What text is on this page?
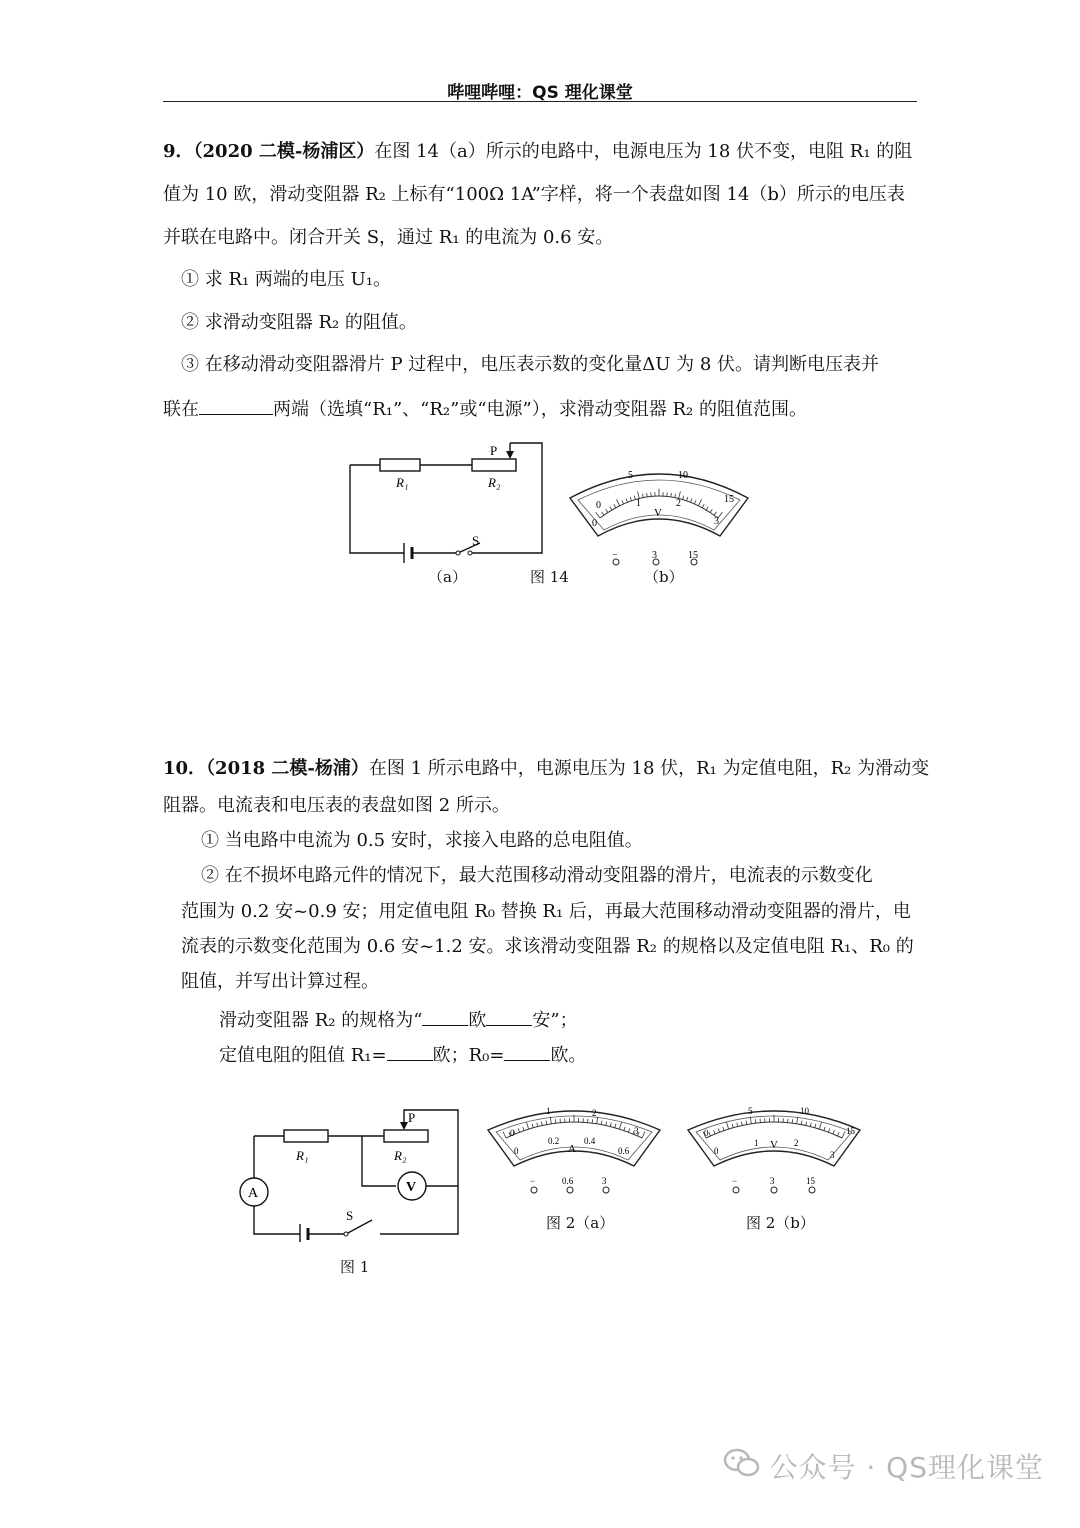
哔哩哔哩：QS 理化课堂
9．（2020 二模-杨浦区）在图 14（a）所示的电路中，电源电压为 18 伏不变，电阻 R₁ 的阻
值为 10 欧，滑动变阻器 R₂ 上标有“100Ω 1A”字样，将一个表盘如图 14（b）所示的电压表
并联在电路中。闭合开关 S，通过 R₁ 的电流为 0.6 安。
① 求 R₁ 两端的电压 U₁。
② 求滑动变阻器 R₂ 的阻值。
③ 在移动滑动变阻器滑片 P 过程中，电压表示数的变化量ΔU 为 8 伏。请判断电压表并
联在	两端（选填“R₁”、“R₂”或“电源”），求滑动变阻器 R₂ 的阻值范围。
R₁	R₂
P
S
0
1	2
3
0
5	10
15
V
−	3	15
（a）	图 14	（b）
10．（2018 二模-杨浦）在图 1 所示电路中，电源电压为 18 伏，R₁ 为定值电阻，R₂ 为滑动变
阻器。电流表和电压表的表盘如图 2 所示。
① 当电路中电流为 0.5 安时，求接入电路的总电阻值。
② 在不损坏电路元件的情况下，最大范围移动滑动变阻器的滑片，电流表的示数变化
范围为 0.2 安~0.9 安；用定值电阻 R₀ 替换 R₁ 后，再最大范围移动滑动变阻器的滑片，电
流表的示数变化范围为 0.6 安~1.2 安。求该滑动变阻器 R₂ 的规格以及定值电阻 R₁、R₀ 的
阻值，并写出计算过程。
滑动变阻器 R₂ 的规格为“	欧	安”；
定值电阻的阻值 R₁=	欧；R₀=	欧。
A	V
R₁	R₂
P
S
0
1	2
3
0
0.2	0.4
0.6
A
−	0.6	3
0
5	10
15
0
1	2
3
V
−	3	15
图 1
图 2（a）	图 2（b）
公众号 · QS理化课堂
